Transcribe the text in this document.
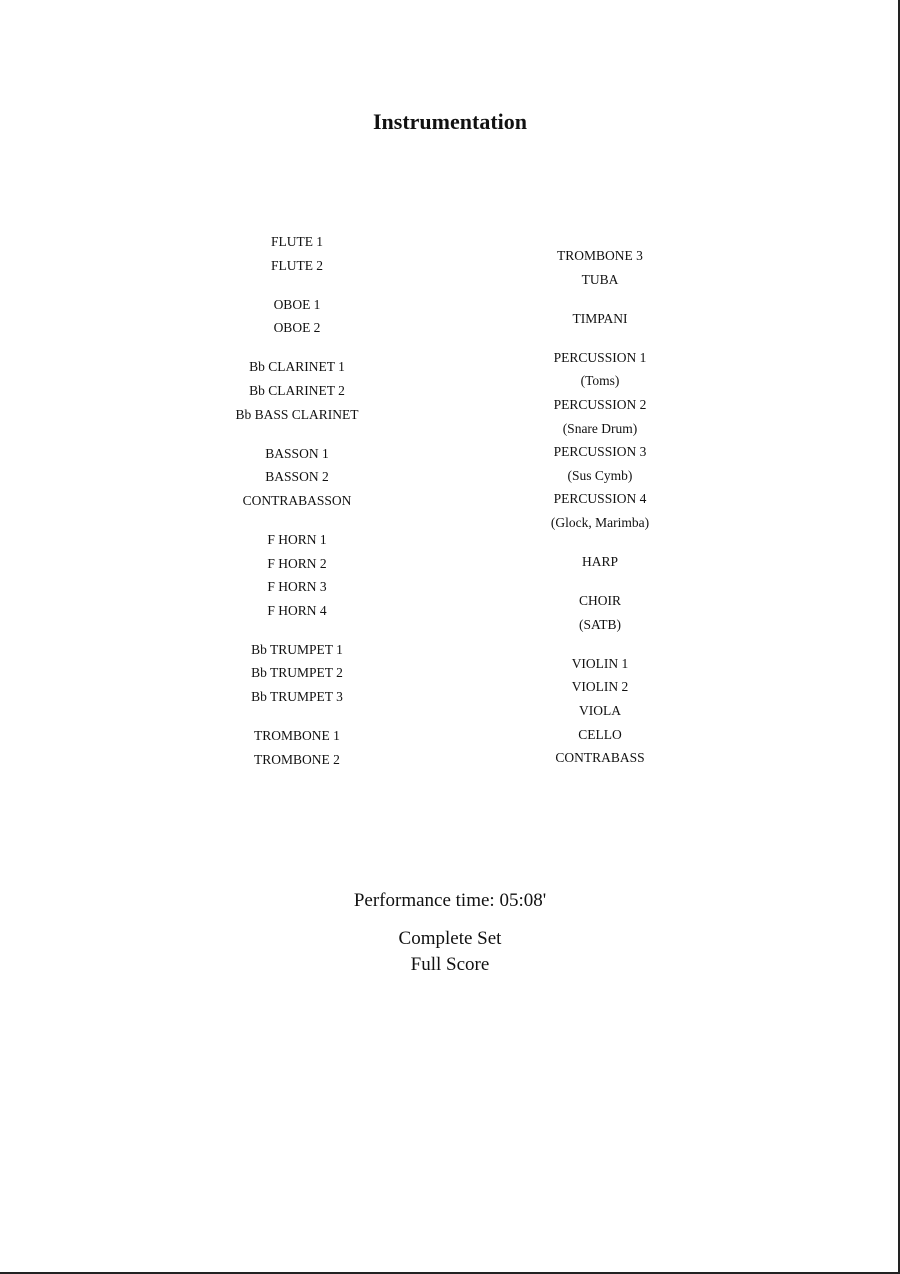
Instrumentation
FLUTE 1
FLUTE 2
OBOE 1
OBOE 2
Bb CLARINET 1
Bb CLARINET 2
Bb BASS CLARINET
BASSON 1
BASSON 2
CONTRABASSON
F HORN 1
F HORN 2
F HORN 3
F HORN 4
Bb TRUMPET 1
Bb TRUMPET 2
Bb TRUMPET 3
TROMBONE 1
TROMBONE 2
TROMBONE 3
TUBA
TIMPANI
PERCUSSION 1
(Toms)
PERCUSSION 2
(Snare Drum)
PERCUSSION 3
(Sus Cymb)
PERCUSSION 4
(Glock, Marimba)
HARP
CHOIR
(SATB)
VIOLIN 1
VIOLIN 2
VIOLA
CELLO
CONTRABASS
Performance time: 05:08'
Complete Set
Full Score
